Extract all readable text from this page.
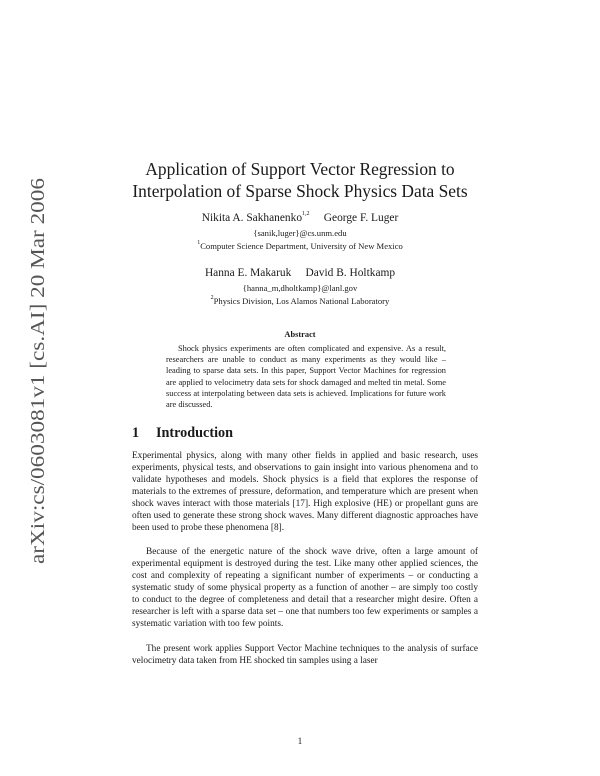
arXiv:cs/0603081v1 [cs.AI] 20 Mar 2006
Application of Support Vector Regression to
Interpolation of Sparse Shock Physics Data Sets
Nikita A. Sakhanenko$^{1,2}$ George F. Luger
{sanik,luger}@cs.unm.edu
$^1$Computer Science Department, University of New Mexico
Hanna E. Makaruk     David B. Holtkamp
{hanna_m,dholtkamp}@lanl.gov
$^2$Physics Division, Los Alamos National Laboratory
Abstract
Shock physics experiments are often complicated and expensive. As a result, researchers are unable to conduct as many experiments as they would like – leading to sparse data sets. In this paper, Support Vector Machines for regression are applied to velocimetry data sets for shock damaged and melted tin metal. Some success at interpolating between data sets is achieved. Implications for future work are discussed.
1 Introduction
Experimental physics, along with many other fields in applied and basic research, uses experiments, physical tests, and observations to gain insight into various phenomena and to validate hypotheses and models. Shock physics is a field that explores the response of materials to the extremes of pressure, deformation, and temperature which are present when shock waves interact with those materials [17]. High explosive (HE) or propellant guns are often used to generate these strong shock waves. Many different diagnostic approaches have been used to probe these phenomena [8].
Because of the energetic nature of the shock wave drive, often a large amount of experimental equipment is destroyed during the test. Like many other applied sciences, the cost and complexity of repeating a significant number of experiments – or conducting a systematic study of some physical property as a function of another – are simply too costly to conduct to the degree of completeness and detail that a researcher might desire. Often a researcher is left with a sparse data set – one that numbers too few experiments or samples a systematic variation with too few points.
The present work applies Support Vector Machine techniques to the analysis of surface velocimetry data taken from HE shocked tin samples using a laser
1
